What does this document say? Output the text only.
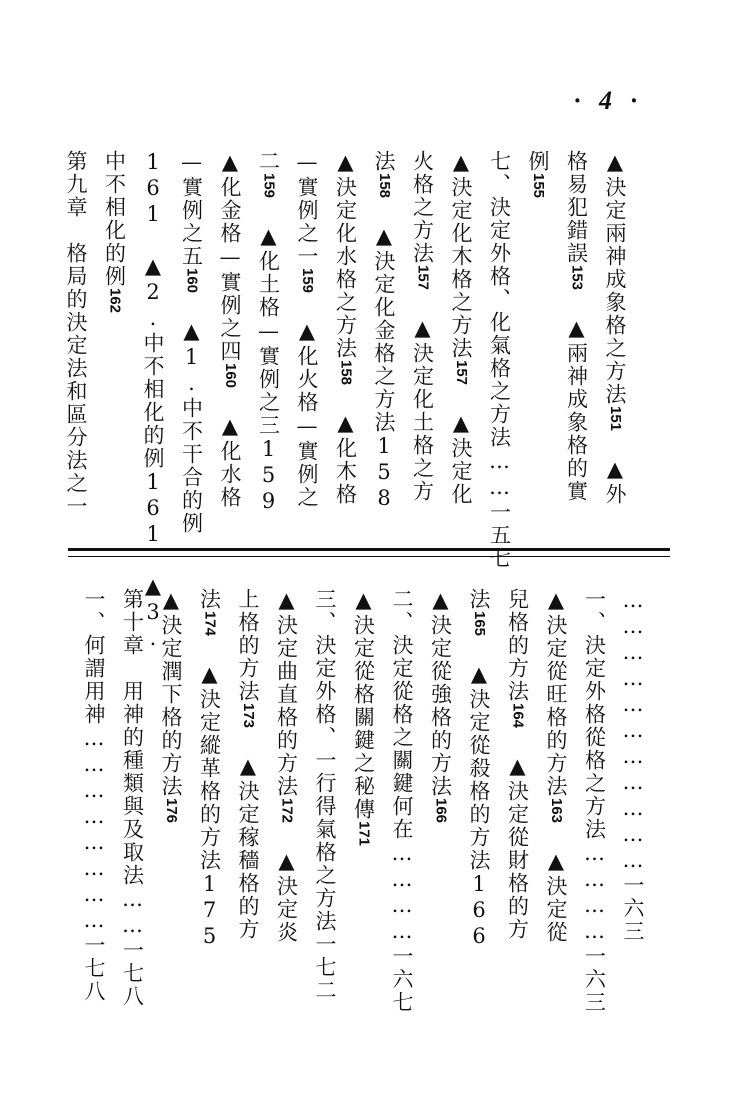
· 4 ·
▲決定兩神成象格之方法151 ▲外
格易犯錯誤153 ▲兩神成象格的實
例155
七、決定外格、化氣格之方法……一五七
▲決定化木格之方法157 ▲決定化
火格之方法157 ▲決定化土格之方
法158 ▲決定化金格之方法158
▲決定化水格之方法158 ▲化木格
—實例之一159 ▲化火格—實例之
二159 ▲化土格—實例之三159
▲化金格—實例之四160 ▲化水格
—實例之五160 ▲1.中不干合的例
161 ▲2.中不相化的例161 ▲3.
中不相化的例162
第九章　格局的決定法和區分法之一
……………………………一六三
一、決定外格從格之方法…………一六三
▲決定從旺格的方法163 ▲決定從
兒格的方法164 ▲決定從財格的方
法165 ▲決定從殺格的方法166
▲決定從強格的方法166
二、決定從格之關鍵何在…………一六七
▲決定從格關鍵之秘傳171
三、決定外格、一行得氣格之方法一七二
▲決定曲直格的方法172 ▲決定炎
上格的方法173 ▲決定稼穡格的方
法174 ▲決定縱革格的方法175
▲決定潤下格的方法176
第十章　用神的種類與及取法……一七八
一、何謂用神……………………一七八
